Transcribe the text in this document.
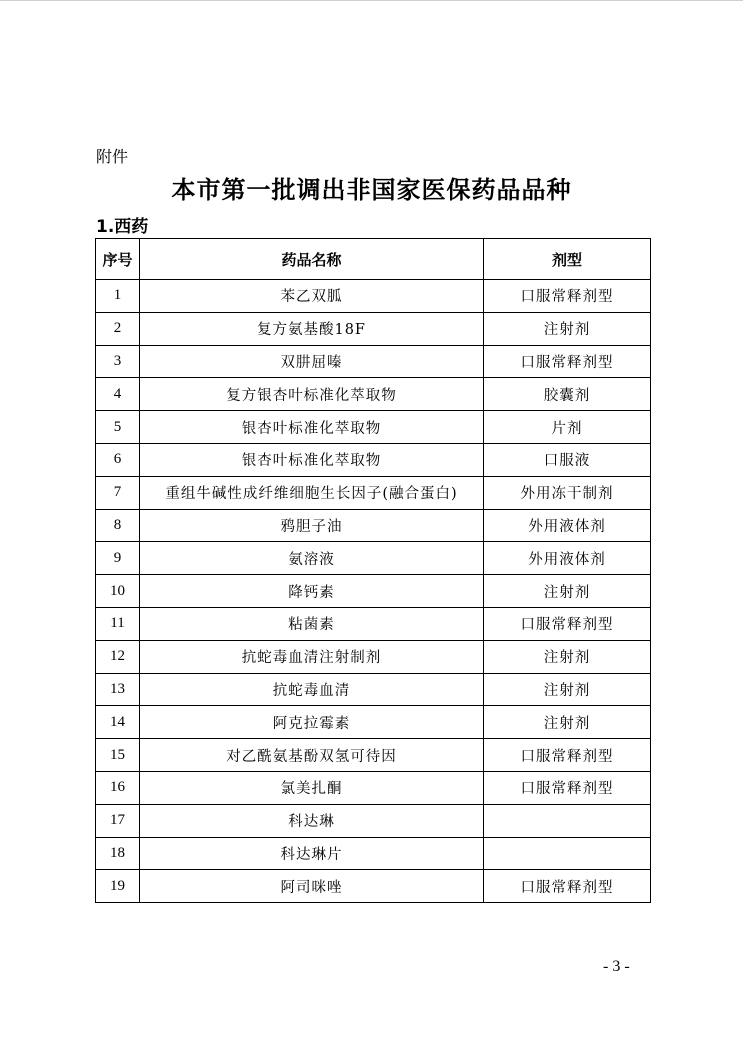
附件
本市第一批调出非国家医保药品品种
1.西药
序号	药品名称	剂型
1	苯乙双胍	口服常释剂型
2	复方氨基酸18F	注射剂
3	双肼屈嗪	口服常释剂型
4	复方银杏叶标准化萃取物	胶囊剂
5	银杏叶标准化萃取物	片剂
6	银杏叶标准化萃取物	口服液
7	重组牛碱性成纤维细胞生长因子(融合蛋白)	外用冻干制剂
8	鸦胆子油	外用液体剂
9	氨溶液	外用液体剂
10	降钙素	注射剂
11	粘菌素	口服常释剂型
12	抗蛇毒血清注射制剂	注射剂
13	抗蛇毒血清	注射剂
14	阿克拉霉素	注射剂
15	对乙酰氨基酚双氢可待因	口服常释剂型
16	氯美扎酮	口服常释剂型
17	科达琳	
18	科达琳片	
19	阿司咪唑	口服常释剂型
- 3 -
